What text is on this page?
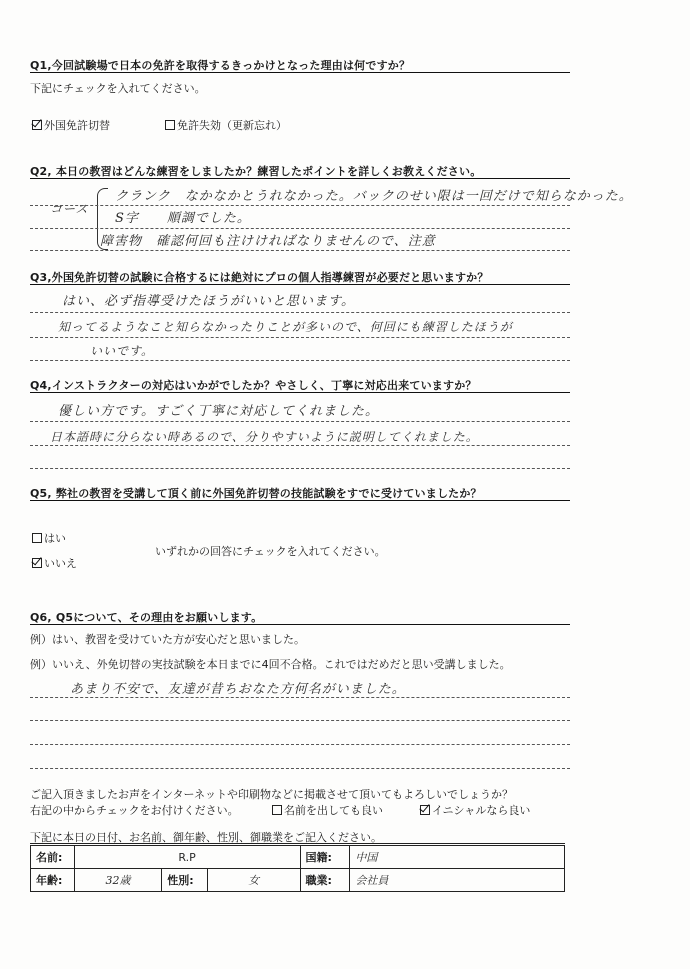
Q1,今回試験場で日本の免許を取得するきっかけとなった理由は何ですか？
下記にチェックを入れてください。
外国免許切替	免許失効（更新忘れ）
Q2, 本日の教習はどんな練習をしましたか？練習したポイントを詳しくお教えください。
コース
クランク　なかなかとうれなかった。バックのせい限は一回だけで知らなかった。
S字　　順調でした。
障害物　確認何回も注けければなりませんので、注意
Q3,外国免許切替の試験に合格するには絶対にプロの個人指導練習が必要だと思いますか？
はい、必ず指導受けたほうがいいと思います。
知ってるようなこと知らなかったりことが多いので、何回にも練習したほうが
いいです。
Q4,インストラクターの対応はいかがでしたか？やさしく、丁寧に対応出来ていますか？
優しい方です。すごく丁寧に対応してくれました。
日本語時に分らない時あるので、分りやすいように説明してくれました。
Q5, 弊社の教習を受講して頂く前に外国免許切替の技能試験をすでに受けていましたか？
はい
いいえ
いずれかの回答にチェックを入れてください。
Q6, Q5について、その理由をお願いします。
例）はい、教習を受けていた方が安心だと思いました。
例）いいえ、外免切替の実技試験を本日までに4回不合格。これではだめだと思い受講しました。
あまり不安で、友達が昔ちおなた方何名がいました。
ご記入頂きましたお声をインターネットや印刷物などに掲載させて頂いてもよろしいでしょうか？
右記の中からチェックをお付けください。	名前を出しても良い	イニシャルなら良い
下記に本日の日付、お名前、御年齢、性別、御職業をご記入ください。
名前:	R.P			国籍:	中国
年齢:	32歳	性別:	女	職業:	会社員
